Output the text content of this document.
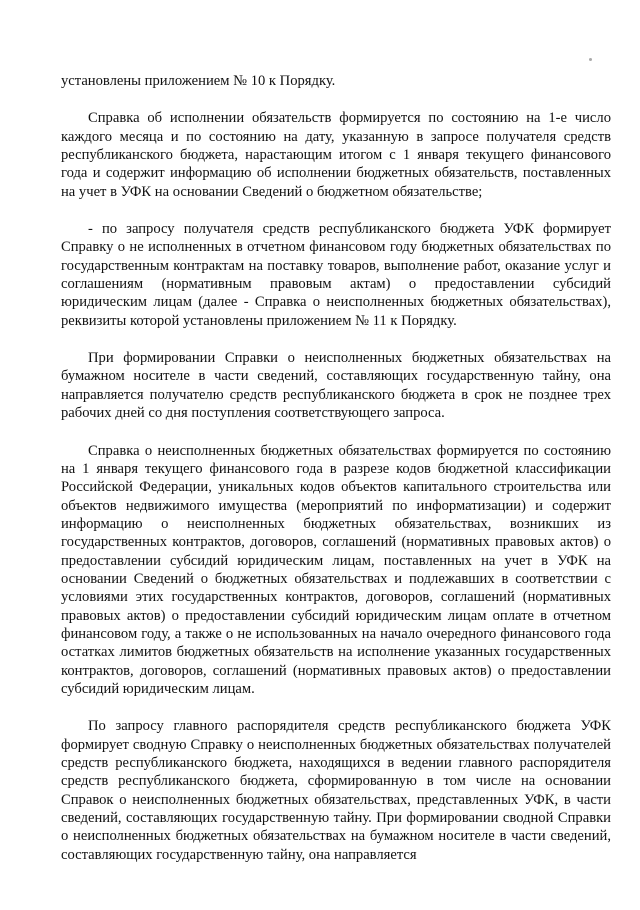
установлены приложением № 10 к Порядку.

Справка об исполнении обязательств формируется по состоянию на 1-е число каждого месяца и по состоянию на дату, указанную в запросе получателя средств республиканского бюджета, нарастающим итогом с 1 января текущего финансового года и содержит информацию об исполнении бюджетных обязательств, поставленных на учет в УФК на основании Сведений о бюджетном обязательстве;

- по запросу получателя средств республиканского бюджета УФК формирует Справку о не исполненных в отчетном финансовом году бюджетных обязательствах по государственным контрактам на поставку товаров, выполнение работ, оказание услуг и соглашениям (нормативным правовым актам) о предоставлении субсидий юридическим лицам (далее - Справка о неисполненных бюджетных обязательствах), реквизиты которой установлены приложением № 11 к Порядку.

При формировании Справки о неисполненных бюджетных обязательствах на бумажном носителе в части сведений, составляющих государственную тайну, она направляется получателю средств республиканского бюджета в срок не позднее трех рабочих дней со дня поступления соответствующего запроса.

Справка о неисполненных бюджетных обязательствах формируется по состоянию на 1 января текущего финансового года в разрезе кодов бюджетной классификации Российской Федерации, уникальных кодов объектов капитального строительства или объектов недвижимого имущества (мероприятий по информатизации) и содержит информацию о неисполненных бюджетных обязательствах, возникших из государственных контрактов, договоров, соглашений (нормативных правовых актов) о предоставлении субсидий юридическим лицам, поставленных на учет в УФК на основании Сведений о бюджетных обязательствах и подлежавших в соответствии с условиями этих государственных контрактов, договоров, соглашений (нормативных правовых актов) о предоставлении субсидий юридическим лицам оплате в отчетном финансовом году, а также о не использованных на начало очередного финансового года остатках лимитов бюджетных обязательств на исполнение указанных государственных контрактов, договоров, соглашений (нормативных правовых актов) о предоставлении субсидий юридическим лицам.

По запросу главного распорядителя средств республиканского бюджета УФК формирует сводную Справку о неисполненных бюджетных обязательствах получателей средств республиканского бюджета, находящихся в ведении главного распорядителя средств республиканского бюджета, сформированную в том числе на основании Справок о неисполненных бюджетных обязательствах, представленных УФК, в части сведений, составляющих государственную тайну. При формировании сводной Справки о неисполненных бюджетных обязательствах на бумажном носителе в части сведений, составляющих государственную тайну, она направляется
